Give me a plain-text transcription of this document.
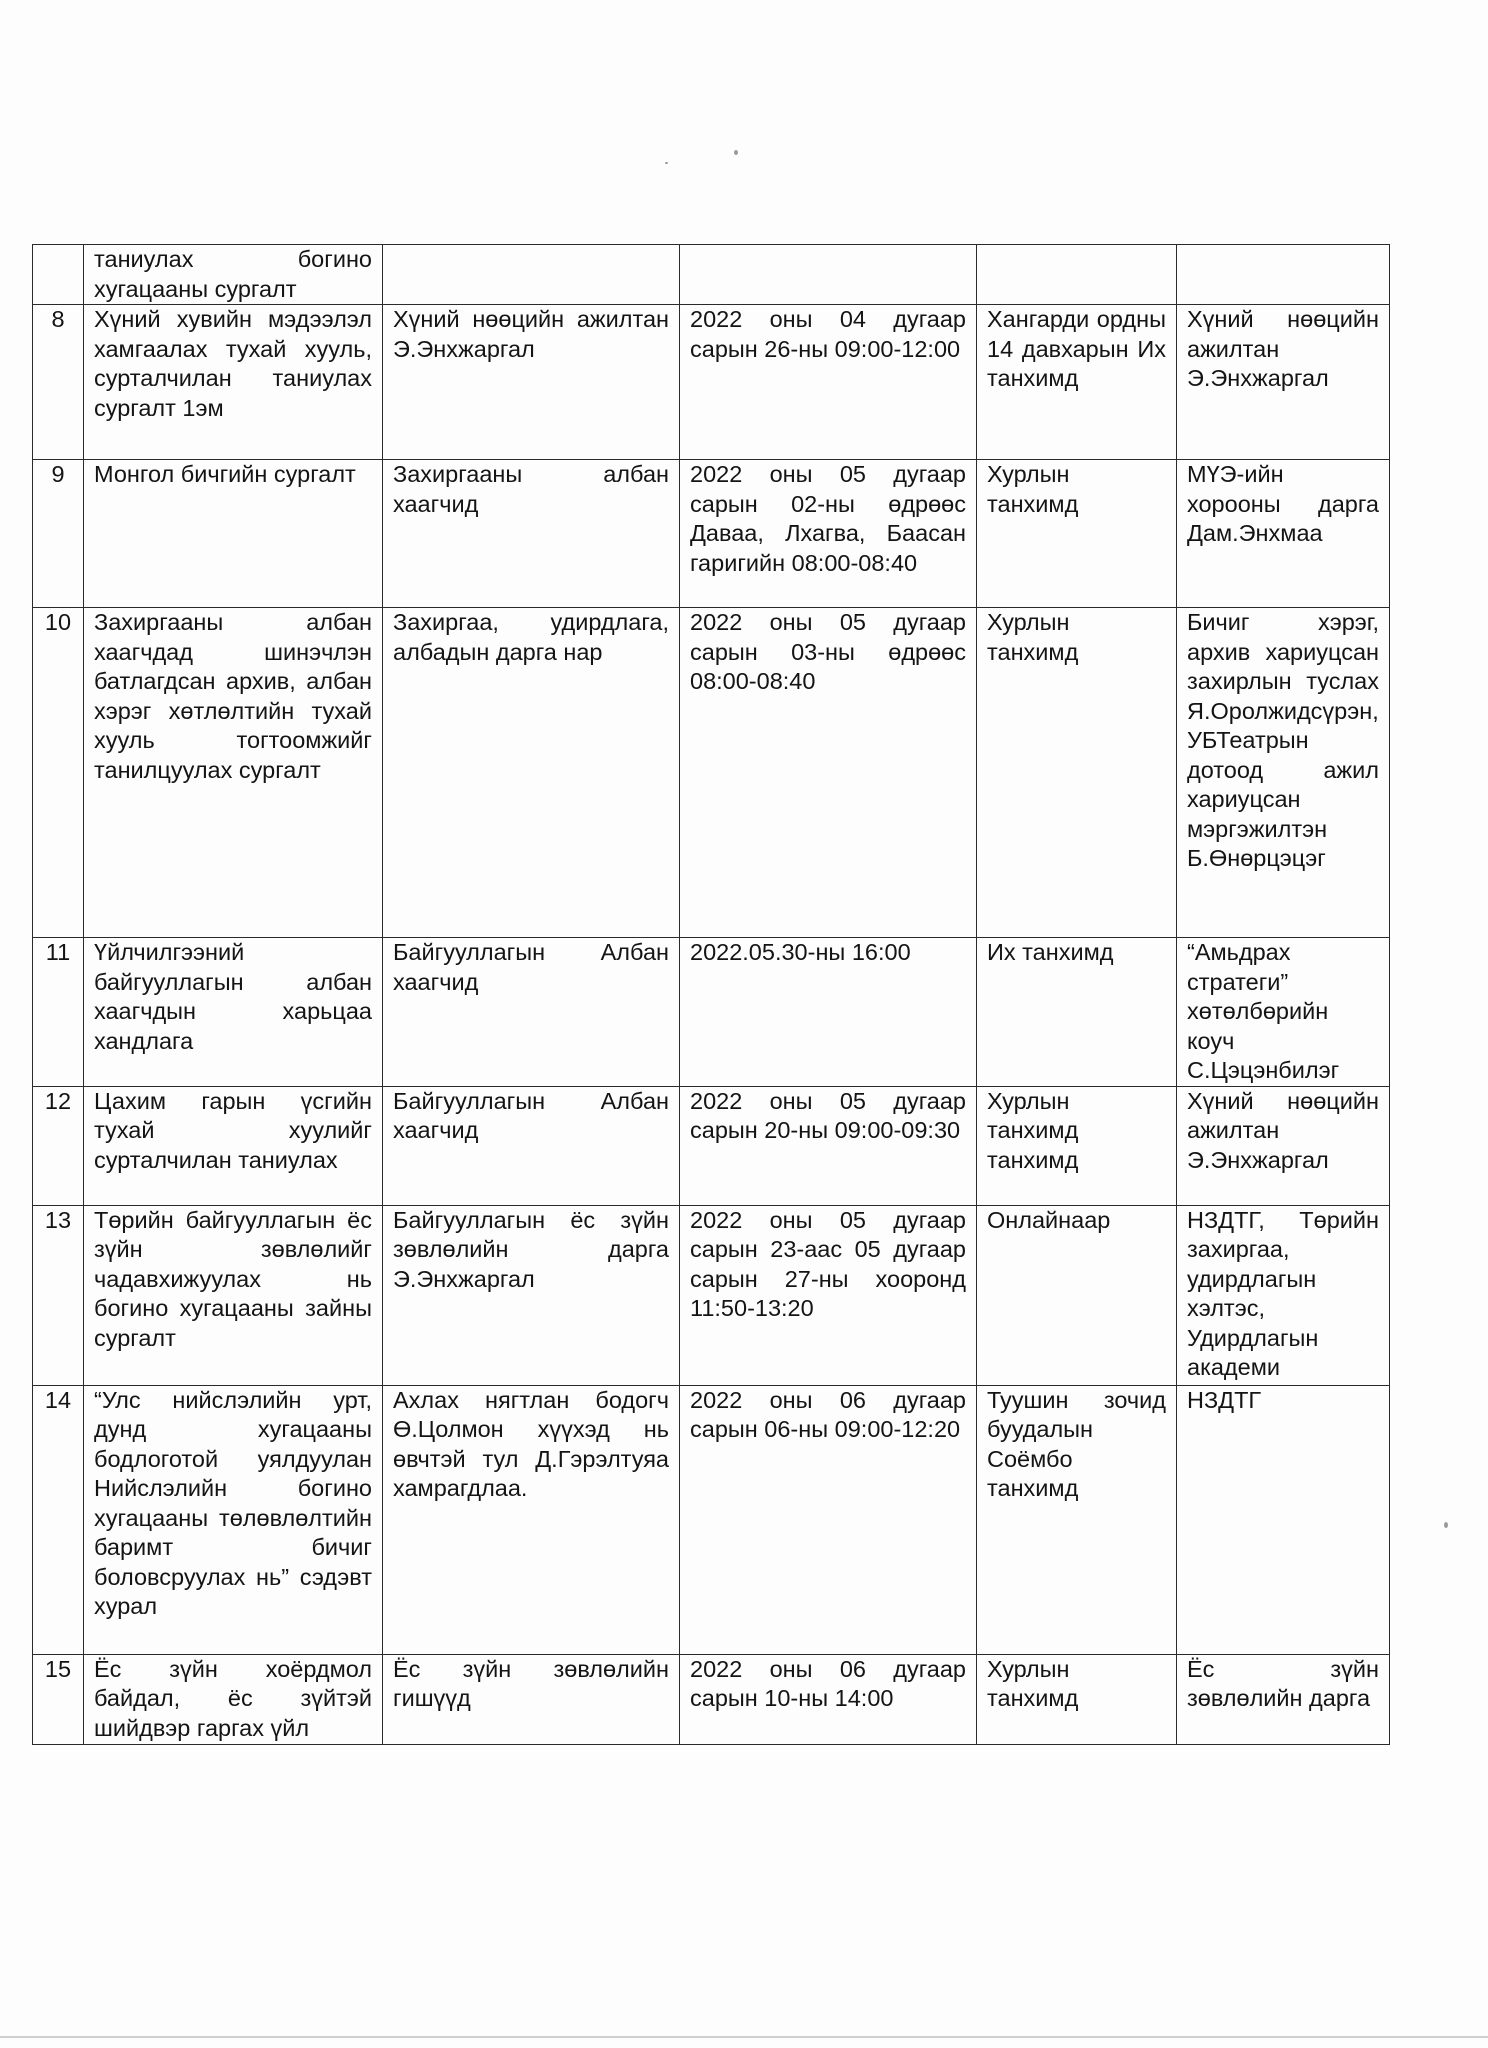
	таниулах богино хугацааны сургалт				
8	Хүний хувийн мэдээлэл хамгаалах тухай хууль, сурталчилан таниулах сургалт 1эм	Хүний нөөцийн ажилтан Э.Энхжаргал	2022 оны 04 дугаар сарын 26-ны 09:00-12:00	Хангарди ордны 14 давхарын Их танхимд	Хүний нөөцийн ажилтан Э.Энхжаргал
9	Монгол бичгийн сургалт	Захиргааны албан хаагчид	2022 оны 05 дугаар сарын 02-ны өдрөөс Даваа, Лхагва, Баасан гаригийн 08:00-08:40	Хурлын танхимд	МҮЭ-ийн хорооны дарга Дам.Энхмаа
10	Захиргааны албан хаагчдад шинэчлэн батлагдсан архив, албан хэрэг хөтлөлтийн тухай хууль тогтоомжийг танилцуулах сургалт	Захиргаа, удирдлага, албадын дарга нар	2022 оны 05 дугаар сарын 03-ны өдрөөс 08:00-08:40	Хурлын танхимд	Бичиг хэрэг, архив хариуцсан захирлын туслах Я.Оролжидсүрэн, УБТеатрын дотоод ажил хариуцсан мэргэжилтэн Б.Өнөрцэцэг
11	Үйлчилгээний байгууллагын албан хаагчдын харьцаа хандлага	Байгууллагын Албан хаагчид	2022.05.30-ны 16:00	Их танхимд	“Амьдрах стратеги” хөтөлбөрийн коуч С.Цэцэнбилэг
12	Цахим гарын үсгийн тухай хуулийг сурталчилан таниулах	Байгууллагын Албан хаагчид	2022 оны 05 дугаар сарын 20-ны 09:00-09:30	Хурлын танхимд танхимд	Хүний нөөцийн ажилтан Э.Энхжаргал
13	Төрийн байгууллагын ёс зүйн зөвлөлийг чадавхижуулах нь богино хугацааны зайны сургалт	Байгууллагын ёс зүйн зөвлөлийн дарга Э.Энхжаргал	2022 оны 05 дугаар сарын 23-аас 05 дугаар сарын 27-ны хооронд 11:50-13:20	Онлайнаар	НЗДТГ, Төрийн захиргаа, удирдлагын хэлтэс, Удирдлагын академи
14	“Улс нийслэлийн урт, дунд хугацааны бодлоготой уялдуулан Нийслэлийн богино хугацааны төлөвлөлтийн баримт бичиг боловсруулах нь” сэдэвт хурал	Ахлах нягтлан бодогч Ө.Цолмон хүүхэд нь өвчтэй тул Д.Гэрэлтуяа хамрагдлаа.	2022 оны 06 дугаар сарын 06-ны 09:00-12:20	Туушин зочид буудалын Соёмбо танхимд	НЗДТГ
15	Ёс зүйн хоёрдмол байдал, ёс зүйтэй шийдвэр гаргах үйл	Ёс зүйн зөвлөлийн гишүүд	2022 оны 06 дугаар сарын 10-ны 14:00	Хурлын танхимд	Ёс зүйн зөвлөлийн дарга
